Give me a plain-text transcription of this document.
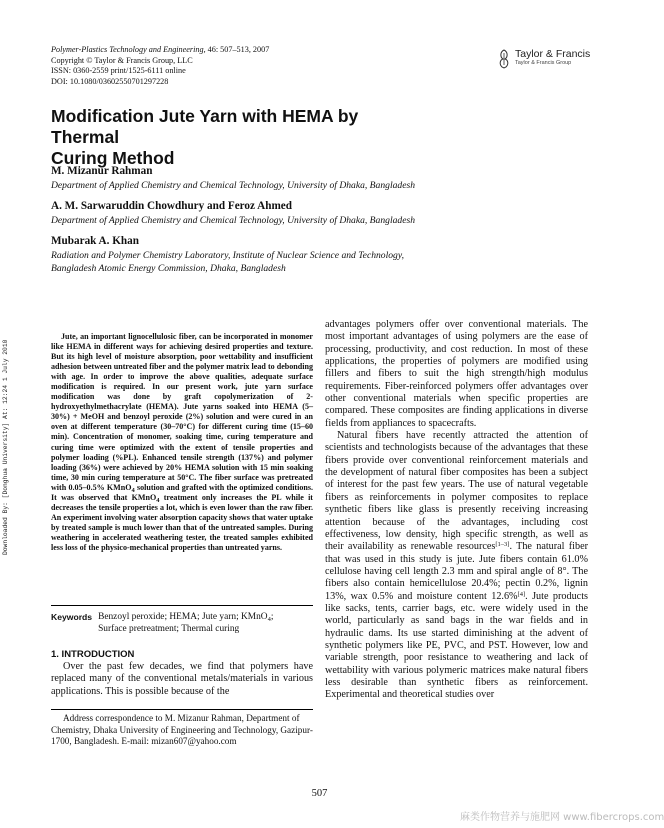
Polymer-Plastics Technology and Engineering, 46: 507–513, 2007
Copyright © Taylor & Francis Group, LLC
ISSN: 0360-2559 print/1525-6111 online
DOI: 10.1080/03602550701297228
Taylor & Francis
Taylor & Francis Group
Modification Jute Yarn with HEMA by Thermal
Curing Method
M. Mizanur Rahman
Department of Applied Chemistry and Chemical Technology, University of Dhaka, Bangladesh
A. M. Sarwaruddin Chowdhury and Feroz Ahmed
Department of Applied Chemistry and Chemical Technology, University of Dhaka, Bangladesh
Mubarak A. Khan
Radiation and Polymer Chemistry Laboratory, Institute of Nuclear Science and Technology,
Bangladesh Atomic Energy Commission, Dhaka, Bangladesh
Downloaded By: [Donghua University] At: 12:24 1 July 2010
Jute, an important lignocellulosic fiber, can be incorporated in monomer like HEMA in different ways for achieving desired properties and texture. But its high level of moisture absorption, poor wettability and insufficient adhesion between untreated fiber and the polymer matrix lead to debonding with age. In order to improve the above qualities, adequate surface modification is required. In our present work, jute yarn surface modification was done by graft copolymerization of 2-hydroxyethylmethacrylate (HEMA). Jute yarns soaked into HEMA (5–30%) + MeOH and benzoyl peroxide (2%) solution and were cured in an oven at different temperature (30–70°C) for different curing time (15–60 min). Concentration of monomer, soaking time, curing temperature and curing time were optimized with the extent of tensile properties and polymer loading (%PL). Enhanced tensile strength (137%) and polymer loading (36%) were achieved by 20% HEMA solution with 15 min soaking time, 30 min curing temperature at 50°C. The fiber surface was pretreated with 0.05–0.5% KMnO$_4$ solution and grafted with the optimized conditions. It was observed that KMnO$_4$ treatment only increases the PL while it decreases the tensile properties a lot, which is even lower than the raw fiber. An experiment involving water absorption capacity shows that water uptake by treated sample is much lower than that of the untreated samples. During weathering in accelerated weathering tester, the treated samples exhibited less loss of the physico-mechanical properties than untreated yarns.
Keywords Benzoyl peroxide; HEMA; Jute yarn; KMnO$_4$;
Surface pretreatment; Thermal curing
1. INTRODUCTION
Over the past few decades, we find that polymers have replaced many of the conventional metals/materials in various applications. This is possible because of the
Address correspondence to M. Mizanur Rahman, Department of Chemistry, Dhaka University of Engineering and Technology, Gazipur-1700, Bangladesh. E-mail: mizan607@yahoo.com

advantages polymers offer over conventional materials. The most important advantages of using polymers are the ease of processing, productivity, and cost reduction. In most of these applications, the properties of polymers are modified using fillers and fibers to suit the high strength/high modulus requirements. Fiber-reinforced polymers offer advantages over other conventional materials when specific properties are compared. These composites are finding applications in diverse fields from appliances to spacecrafts.

Natural fibers have recently attracted the attention of scientists and technologists because of the advantages that these fibers provide over conventional reinforcement materials and the development of natural fiber composites has been a subject of interest for the past few years. The use of natural vegetable fibers as reinforcements in polymer composites to replace synthetic fibers like glass is presently receiving increasing attention because of the advantages, including cost effectiveness, low density, high specific strength, as well as their availability as renewable resources[1–3]. The natural fiber that was used in this study is jute. Jute fibers contain 61.0% cellulose having cell length 2.3 mm and spiral angle of 8°. The fibers also contain hemicellulose 20.4%; pectin 0.2%, lignin 13%, wax 0.5% and moisture content 12.6%[4]. Jute products like sacks, tents, carrier bags, etc. were widely used in the world, particularly as sand bags in the war fields and in hydraulic dams. Its use started diminishing at the advent of synthetic polymers like PE, PVC, and PST. However, low and variable strength, poor resistance to weathering and lack of wettability with various polymeric matrices make natural fibers less desirable than synthetic fibers as reinforcement. Experimental and theoretical studies over

507
麻类作物营养与施肥网 www.fibercrops.com
